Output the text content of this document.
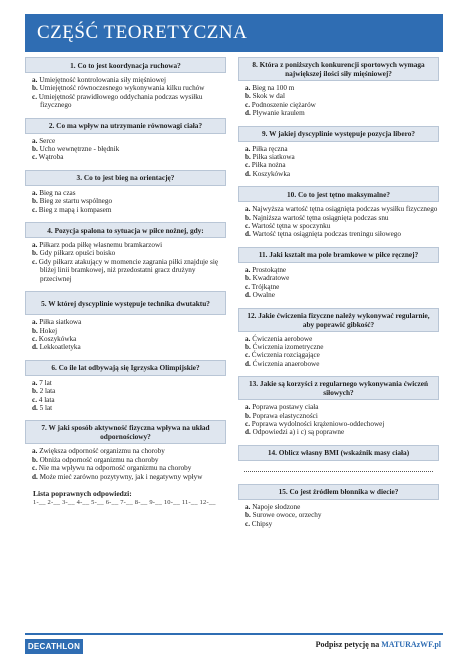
CZĘŚĆ TEORETYCZNA
1. Co to jest koordynacja ruchowa?
a. Umiejętność kontrolowania siły mięśniowej
b. Umiejętność równoczesnego wykonywania kilku ruchów
c. Umiejętność prawidłowego oddychania podczas wysiłku fizycznego
2. Co ma wpływ na utrzymanie równowagi ciała?
a. Serce
b. Ucho wewnętrzne - błędnik
c. Wątroba
3. Co to jest bieg na orientację?
a. Bieg na czas
b. Bieg ze startu wspólnego
c. Bieg z mapą i kompasem
4. Pozycja spalona to sytuacja w piłce nożnej, gdy:
a. Piłkarz poda piłkę własnemu bramkarzowi
b. Gdy piłkarz opuści boisko
c. Gdy piłkarz atakujący w momencie zagrania piłki znajduje się bliżej linii bramkowej, niż przedostatni gracz drużyny przeciwnej
5. W której dyscyplinie występuje technika dwutaktu?
a. Piłka siatkowa
b. Hokej
c. Koszykówka
d. Lekkoatletyka
6. Co ile lat odbywają się Igrzyska Olimpijskie?
a. 7 lat
b. 2 lata
c. 4 lata
d. 5 lat
7. W jaki sposób aktywność fizyczna wpływa na układ odpornościowy?
a. Zwiększa odporność organizmu na choroby
b. Obniża odporność organizmu na choroby
c. Nie ma wpływu na odporność organizmu na choroby
d. Może mieć zarówno pozytywny, jak i negatywny wpływ
Lista poprawnych odpowiedzi:
1-__ 2-__ 3-__ 4-__ 5-__ 6-__ 7-__ 8-__ 9-__ 10-__ 11-__ 12-__
8. Która z poniższych konkurencji sportowych wymaga największej ilości siły mięśniowej?
a. Bieg na 100 m
b. Skok w dal
c. Podnoszenie ciężarów
d. Pływanie kraulem
9. W jakiej dyscyplinie występuje pozycja libero?
a. Piłka ręczna
b. Piłka siatkowa
c. Piłka nożna
d. Koszykówka
10. Co to jest tętno maksymalne?
a. Najwyższa wartość tętna osiągnięta podczas wysiłku fizycznego
b. Najniższa wartość tętna osiągnięta podczas snu
c. Wartość tętna w spoczynku
d. Wartość tętna osiągnięta podczas treningu siłowego
11. Jaki kształt ma pole bramkowe w piłce ręcznej?
a. Prostokątne
b. Kwadratowe
c. Trójkątne
d. Owalne
12. Jakie ćwiczenia fizyczne należy wykonywać regularnie, aby poprawić gibkość?
a. Ćwiczenia aerobowe
b. Ćwiczenia izometryczne
c. Ćwiczenia rozciągające
d. Ćwiczenia anaerobowe
13. Jakie są korzyści z regularnego wykonywania ćwiczeń siłowych?
a. Poprawa postawy ciała
b. Poprawa elastyczności
c. Poprawa wydolności krążeniowo-oddechowej
d. Odpowiedzi a) i c) są poprawne
14. Oblicz własny BMI (wskaźnik masy ciała)
15. Co jest źródłem błonnika w diecie?
a. Napoje słodzone
b. Surowe owoce, orzechy
c. Chipsy
DECATHLON	Podpisz petycję na MATURAzWF.pl
